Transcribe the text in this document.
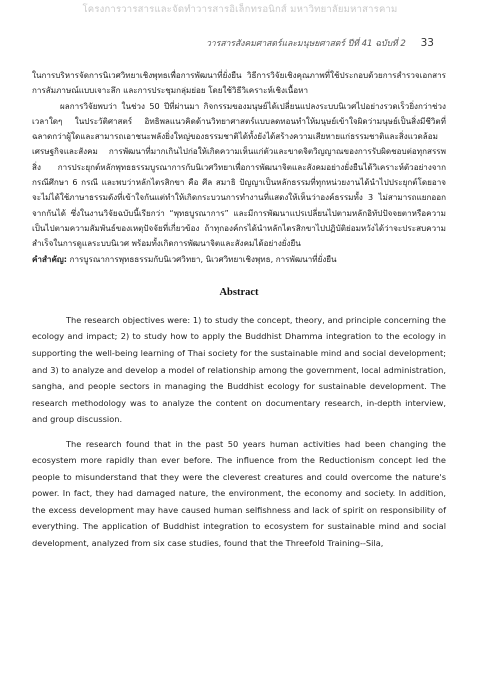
โครงการวารสารและจัดทำวารสารอิเล็กทรอนิกส์ มหาวิทยาลัยมหาสารคาม
วารสารสังคมศาสตร์และมนุษยศาสตร์ ปีที่ 41 ฉบับที่ 2 33

ในการบริหารจัดการนิเวศวิทยาเชิงพุทธเพื่อการพัฒนาที่ยั่งยืน วิธีการวิจัยเชิงคุณภาพที่ใช้ประกอบด้วยการสำรวจเอกสาร การสัมภาษณ์แบบเจาะลึก และการประชุมกลุ่มย่อย โดยใช้วิธีวิเคราะห์เชิงเนื้อหา

ผลการวิจัยพบว่า ในช่วง 50 ปีที่ผ่านมา กิจกรรมของมนุษย์ได้เปลี่ยนแปลงระบบนิเวศไปอย่างรวดเร็วยิ่งกว่าช่วงเวลาใดๆ ในประวัติศาสตร์ อิทธิพลแนวคิดด้านวิทยาศาสตร์แบบลดทอนทำให้มนุษย์เข้าใจผิดว่ามนุษย์เป็นสิ่งมีชีวิตที่ฉลาดกว่าผู้ใดและสามารถเอาชนะพลังยิ่งใหญ่ของธรรมชาติได้ทั้งยังได้สร้างความเสียหายแก่ธรรมชาติและสิ่งแวดล้อม เศรษฐกิจและสังคม การพัฒนาที่มากเกินไปก่อให้เกิดความเห็นแก่ตัวและขาดจิตวิญญาณของการรับผิดชอบต่อทุกสรรพสิ่ง การประยุกต์หลักพุทธธรรมบูรณาการกับนิเวศวิทยาเพื่อการพัฒนาจิตและสังคมอย่างยั่งยืนได้วิเคราะห์ตัวอย่างจากกรณีศึกษา 6 กรณี และพบว่าหลักไตรสิกขา คือ ศีล สมาธิ ปัญญาเป็นหลักธรรมที่ทุกหน่วยงานได้นำไปประยุกต์โดยอาจจะไม่ได้ใช้ภาษาธรรมดังที่เข้าใจกันแต่ทำให้เกิดกระบวนการทำงานที่แสดงให้เห็นว่าองค์ธรรมทั้ง 3 ไม่สามารถแยกออกจากกันได้ ซึ่งในงานวิจัยฉบับนี้เรียกว่า “พุทธบูรณาการ” และมีการพัฒนาแปรเปลี่ยนไปตามหลักอิทัปปัจจยตาหรือความเป็นไปตามความสัมพันธ์ของเหตุปัจจัยที่เกี่ยวข้อง ถ้าทุกองค์กรได้นำหลักไตรสิกขาไปปฏิบัติย่อมหวังได้ว่าจะประสบความสำเร็จในการดูแลระบบนิเวศ พร้อมทั้งเกิดการพัฒนาจิตและสังคมได้อย่างยั่งยืน

คำสำคัญ: การบูรณาการพุทธธรรมกับนิเวศวิทยา, นิเวศวิทยาเชิงพุทธ, การพัฒนาที่ยั่งยืน

Abstract

The research objectives were: 1) to study the concept, theory, and principle concerning the ecology and impact; 2) to study how to apply the Buddhist Dhamma integration to the ecology in supporting the well-being learning of Thai society for the sustainable mind and social development; and 3) to analyze and develop a model of relationship among the government, local administration, sangha, and people sectors in managing the Buddhist ecology for sustainable development. The research methodology was to analyze the content on documentary research, in-depth interview, and group discussion.

The research found that in the past 50 years human activities had been changing the ecosystem more rapidly than ever before. The influence from the Reductionism concept led the people to misunderstand that they were the cleverest creatures and could overcome the nature's power. In fact, they had damaged nature, the environment, the economy and society. In addition, the excess development may have caused human selfishness and lack of spirit on responsibility of everything. The application of Buddhist integration to ecosystem for sustainable mind and social development, analyzed from six case studies, found that the Threefold Training--Sila,
